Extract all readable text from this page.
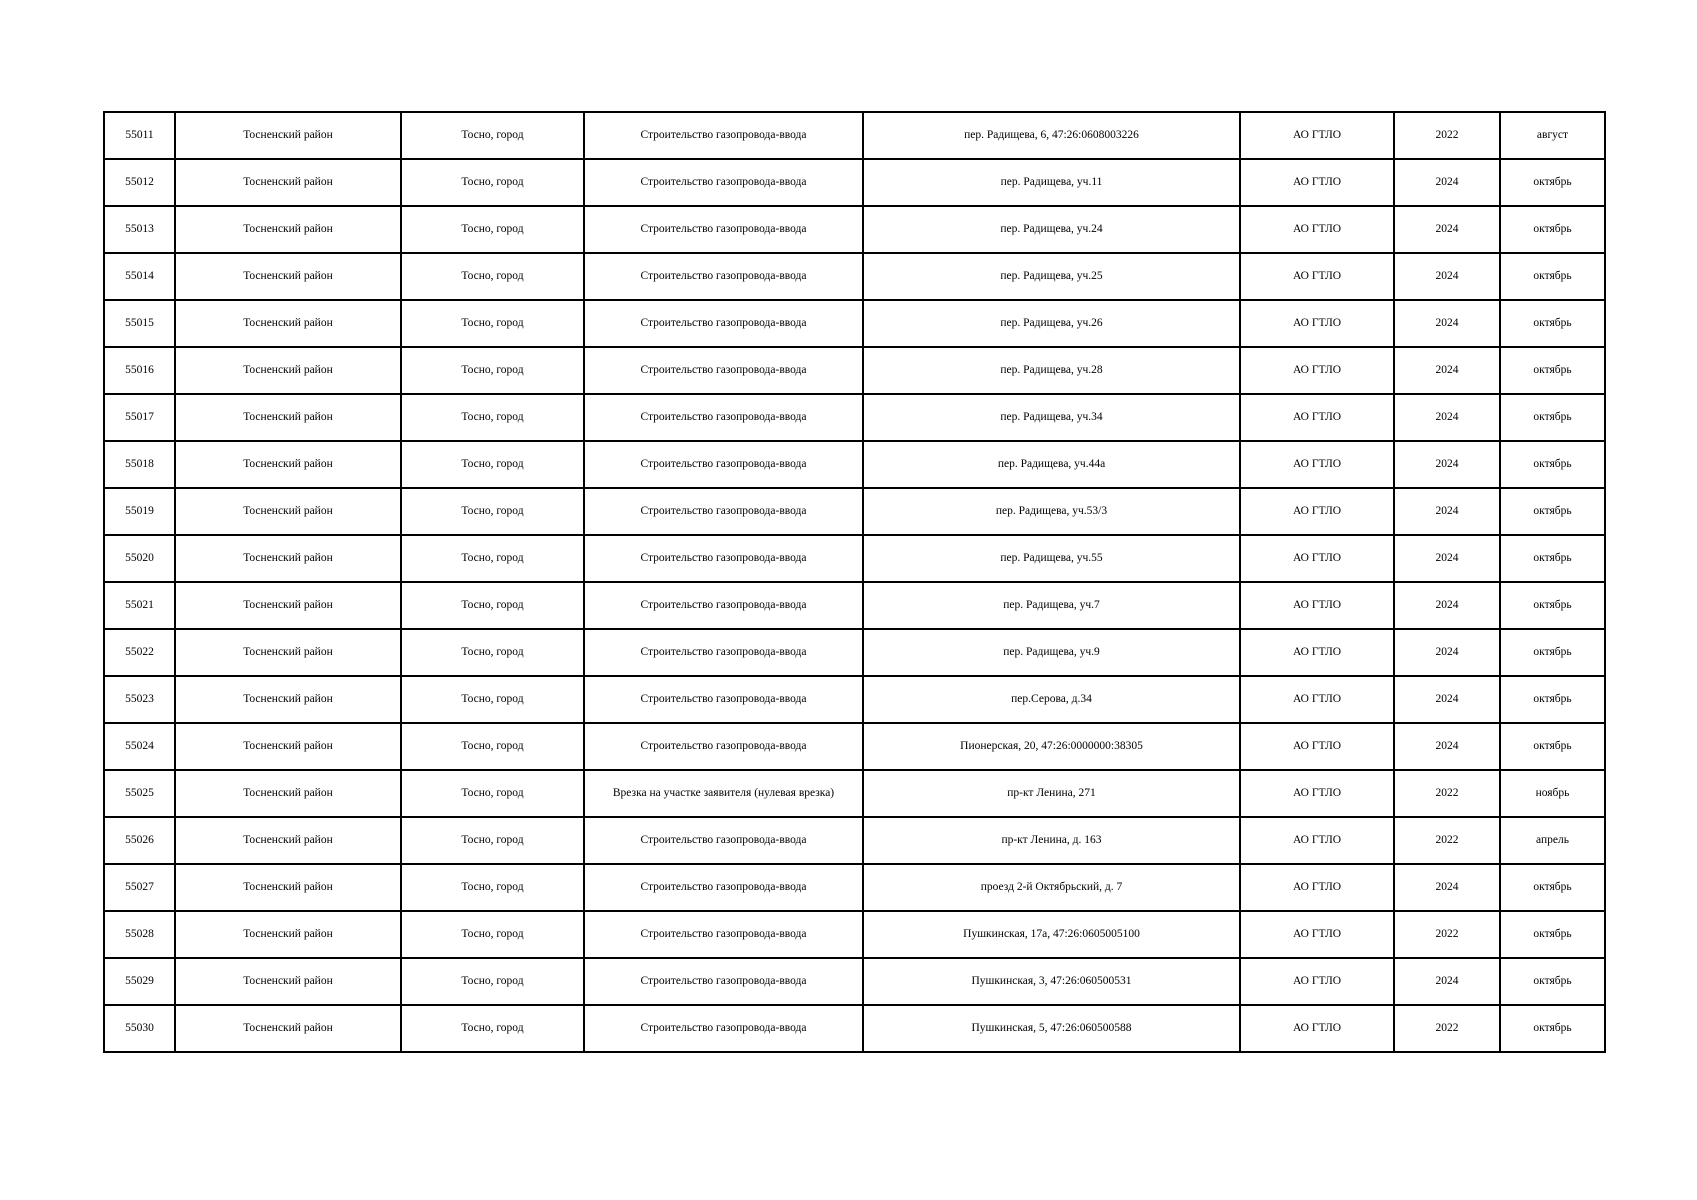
55011	Тосненский район	Тосно, город	Строительство газопровода-ввода	пер. Радищева, 6, 47:26:0608003226	АО ГТЛО	2022	август
55012	Тосненский район	Тосно, город	Строительство газопровода-ввода	пер. Радищева, уч.11	АО ГТЛО	2024	октябрь
55013	Тосненский район	Тосно, город	Строительство газопровода-ввода	пер. Радищева, уч.24	АО ГТЛО	2024	октябрь
55014	Тосненский район	Тосно, город	Строительство газопровода-ввода	пер. Радищева, уч.25	АО ГТЛО	2024	октябрь
55015	Тосненский район	Тосно, город	Строительство газопровода-ввода	пер. Радищева, уч.26	АО ГТЛО	2024	октябрь
55016	Тосненский район	Тосно, город	Строительство газопровода-ввода	пер. Радищева, уч.28	АО ГТЛО	2024	октябрь
55017	Тосненский район	Тосно, город	Строительство газопровода-ввода	пер. Радищева, уч.34	АО ГТЛО	2024	октябрь
55018	Тосненский район	Тосно, город	Строительство газопровода-ввода	пер. Радищева, уч.44а	АО ГТЛО	2024	октябрь
55019	Тосненский район	Тосно, город	Строительство газопровода-ввода	пер. Радищева, уч.53/3	АО ГТЛО	2024	октябрь
55020	Тосненский район	Тосно, город	Строительство газопровода-ввода	пер. Радищева, уч.55	АО ГТЛО	2024	октябрь
55021	Тосненский район	Тосно, город	Строительство газопровода-ввода	пер. Радищева, уч.7	АО ГТЛО	2024	октябрь
55022	Тосненский район	Тосно, город	Строительство газопровода-ввода	пер. Радищева, уч.9	АО ГТЛО	2024	октябрь
55023	Тосненский район	Тосно, город	Строительство газопровода-ввода	пер.Серова, д.34	АО ГТЛО	2024	октябрь
55024	Тосненский район	Тосно, город	Строительство газопровода-ввода	Пионерская, 20, 47:26:0000000:38305	АО ГТЛО	2024	октябрь
55025	Тосненский район	Тосно, город	Врезка на участке заявителя (нулевая врезка)	пр-кт Ленина, 271	АО ГТЛО	2022	ноябрь
55026	Тосненский район	Тосно, город	Строительство газопровода-ввода	пр-кт Ленина, д. 163	АО ГТЛО	2022	апрель
55027	Тосненский район	Тосно, город	Строительство газопровода-ввода	проезд 2-й Октябрьский, д. 7	АО ГТЛО	2024	октябрь
55028	Тосненский район	Тосно, город	Строительство газопровода-ввода	Пушкинская, 17а, 47:26:0605005100	АО ГТЛО	2022	октябрь
55029	Тосненский район	Тосно, город	Строительство газопровода-ввода	Пушкинская, 3, 47:26:060500531	АО ГТЛО	2024	октябрь
55030	Тосненский район	Тосно, город	Строительство газопровода-ввода	Пушкинская, 5, 47:26:060500588	АО ГТЛО	2022	октябрь
